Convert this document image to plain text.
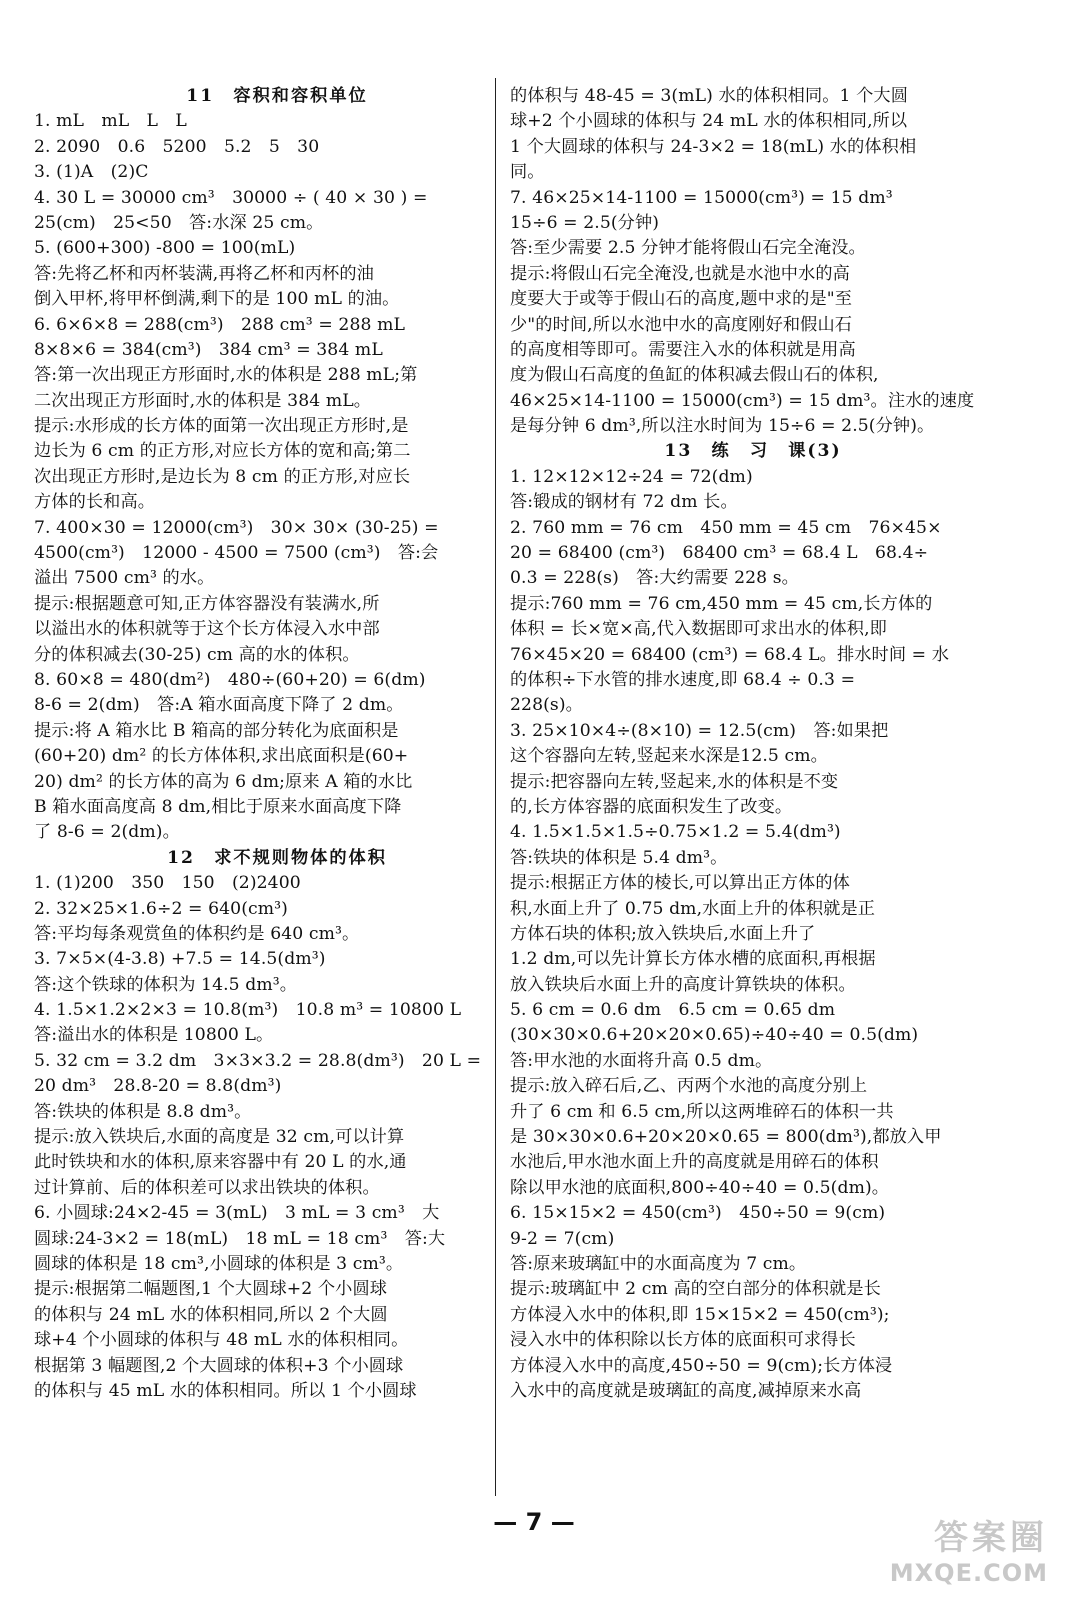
11　容积和容积单位
1. mL　mL　L　L
2. 2090　0.6　5200　5.2　5　30
3. (1)A　(2)C
4. 30 L = 30000 cm³　30000 ÷ ( 40 × 30 ) =
25(cm)　25<50　答:水深 25 cm。
5. (600+300) -800 = 100(mL)
答:先将乙杯和丙杯装满,再将乙杯和丙杯的油
倒入甲杯,将甲杯倒满,剩下的是 100 mL 的油。
6. 6×6×8 = 288(cm³)　288 cm³ = 288 mL
8×8×6 = 384(cm³)　384 cm³ = 384 mL
答:第一次出现正方形面时,水的体积是 288 mL;第
二次出现正方形面时,水的体积是 384 mL。
提示:水形成的长方体的面第一次出现正方形时,是
边长为 6 cm 的正方形,对应长方体的宽和高;第二
次出现正方形时,是边长为 8 cm 的正方形,对应长
方体的长和高。
7. 400×30 = 12000(cm³)　30× 30× (30-25) =
4500(cm³)　12000 - 4500 = 7500 (cm³)　答:会
溢出 7500 cm³ 的水。
提示:根据题意可知,正方体容器没有装满水,所
以溢出水的体积就等于这个长方体浸入水中部
分的体积减去(30-25) cm 高的水的体积。
8. 60×8 = 480(dm²)　480÷(60+20) = 6(dm)
8-6 = 2(dm)　答:A 箱水面高度下降了 2 dm。
提示:将 A 箱水比 B 箱高的部分转化为底面积是
(60+20) dm² 的长方体体积,求出底面积是(60+
20) dm² 的长方体的高为 6 dm;原来 A 箱的水比
B 箱水面高度高 8 dm,相比于原来水面高度下降
了 8-6 = 2(dm)。
12　求不规则物体的体积
1. (1)200　350　150　(2)2400
2. 32×25×1.6÷2 = 640(cm³)
答:平均每条观赏鱼的体积约是 640 cm³。
3. 7×5×(4-3.8) +7.5 = 14.5(dm³)
答:这个铁球的体积为 14.5 dm³。
4. 1.5×1.2×2×3 = 10.8(m³)　10.8 m³ = 10800 L
答:溢出水的体积是 10800 L。
5. 32 cm = 3.2 dm　3×3×3.2 = 28.8(dm³)　20 L =
20 dm³　28.8-20 = 8.8(dm³)
答:铁块的体积是 8.8 dm³。
提示:放入铁块后,水面的高度是 32 cm,可以计算
此时铁块和水的体积,原来容器中有 20 L 的水,通
过计算前、后的体积差可以求出铁块的体积。
6. 小圆球:24×2-45 = 3(mL)　3 mL = 3 cm³　大
圆球:24-3×2 = 18(mL)　18 mL = 18 cm³　答:大
圆球的体积是 18 cm³,小圆球的体积是 3 cm³。
提示:根据第二幅题图,1 个大圆球+2 个小圆球
的体积与 24 mL 水的体积相同,所以 2 个大圆
球+4 个小圆球的体积与 48 mL 水的体积相同。
根据第 3 幅题图,2 个大圆球的体积+3 个小圆球
的体积与 45 mL 水的体积相同。所以 1 个小圆球
的体积与 48-45 = 3(mL) 水的体积相同。1 个大圆
球+2 个小圆球的体积与 24 mL 水的体积相同,所以
1 个大圆球的体积与 24-3×2 = 18(mL) 水的体积相
同。
7. 46×25×14-1100 = 15000(cm³) = 15 dm³
15÷6 = 2.5(分钟)
答:至少需要 2.5 分钟才能将假山石完全淹没。
提示:将假山石完全淹没,也就是水池中水的高
度要大于或等于假山石的高度,题中求的是"至
少"的时间,所以水池中水的高度刚好和假山石
的高度相等即可。需要注入水的体积就是用高
度为假山石高度的鱼缸的体积减去假山石的体积,
46×25×14-1100 = 15000(cm³) = 15 dm³。注水的速度
是每分钟 6 dm³,所以注水时间为 15÷6 = 2.5(分钟)。
13　练　习　课(3)
1. 12×12×12÷24 = 72(dm)
答:锻成的钢材有 72 dm 长。
2. 760 mm = 76 cm　450 mm = 45 cm　76×45×
20 = 68400 (cm³)　68400 cm³ = 68.4 L　68.4÷
0.3 = 228(s)　答:大约需要 228 s。
提示:760 mm = 76 cm,450 mm = 45 cm,长方体的
体积 = 长×宽×高,代入数据即可求出水的体积,即
76×45×20 = 68400 (cm³) = 68.4 L。排水时间 = 水
的体积÷下水管的排水速度,即 68.4 ÷ 0.3 =
228(s)。
3. 25×10×4÷(8×10) = 12.5(cm)　答:如果把
这个容器向左转,竖起来水深是12.5 cm。
提示:把容器向左转,竖起来,水的体积是不变
的,长方体容器的底面积发生了改变。
4. 1.5×1.5×1.5÷0.75×1.2 = 5.4(dm³)
答:铁块的体积是 5.4 dm³。
提示:根据正方体的棱长,可以算出正方体的体
积,水面上升了 0.75 dm,水面上升的体积就是正
方体石块的体积;放入铁块后,水面上升了
1.2 dm,可以先计算长方体水槽的底面积,再根据
放入铁块后水面上升的高度计算铁块的体积。
5. 6 cm = 0.6 dm　6.5 cm = 0.65 dm
(30×30×0.6+20×20×0.65)÷40÷40 = 0.5(dm)
答:甲水池的水面将升高 0.5 dm。
提示:放入碎石后,乙、丙两个水池的高度分别上
升了 6 cm 和 6.5 cm,所以这两堆碎石的体积一共
是 30×30×0.6+20×20×0.65 = 800(dm³),都放入甲
水池后,甲水池水面上升的高度就是用碎石的体积
除以甲水池的底面积,800÷40÷40 = 0.5(dm)。
6. 15×15×2 = 450(cm³)　450÷50 = 9(cm)
9-2 = 7(cm)
答:原来玻璃缸中的水面高度为 7 cm。
提示:玻璃缸中 2 cm 高的空白部分的体积就是长
方体浸入水中的体积,即 15×15×2 = 450(cm³);
浸入水中的体积除以长方体的底面积可求得长
方体浸入水中的高度,450÷50 = 9(cm);长方体浸
入水中的高度就是玻璃缸的高度,减掉原来水高
— 7 —	答案圈
MXQE.COM
